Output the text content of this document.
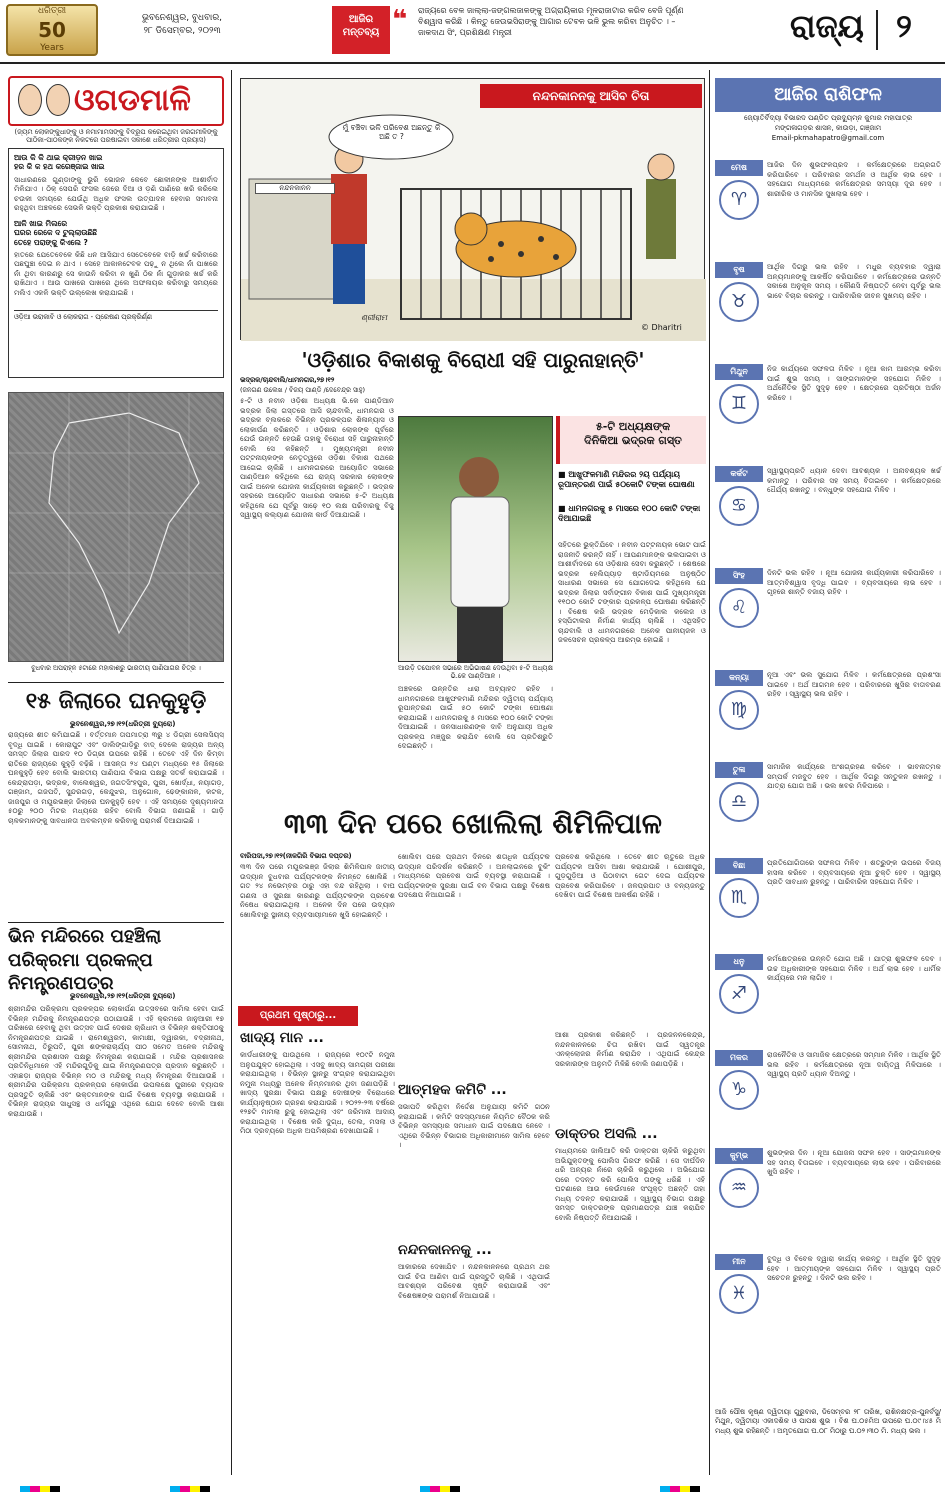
ଧରିତ୍ରୀ
50
Years
ଭୁବନେଶ୍ୱର, ବୁଧବାର,
୨୮ ଡିସେମ୍ବର, ୨୦୨୩
ଆଜିର
ମନ୍ତବ୍ୟ ❝ ରାଜ୍ୟରେ ବେଳ ଜାଲ୍ଲା-ଜଙ୍ଗଲଜାଳଙ୍କୁ ଅଗ୍ରାୟିକାର ମୂଳରାଜାଟାର କରିବ ବେଜି ପୂର୍ଣ୍ଣ ବିଶ୍ୱାସ କରିଛି । କିନ୍ତୁ ଜେଉଭସିରାଙ୍କୁ ଆଗାର ଟେବଳ ଭଳି ଭୁଲ କରିବା ଅନୁଚିତ । –ଜାକଦାଥ ସିଂ, ପ୍ରଶିକ୍ଷଣ ମନ୍ତ୍ରୀ	ରାଜ୍ୟ ୨
ଓଗଡମାଳି
(ଜ୍ୟମ ଲୋକଙ୍କୁଧାଙ୍କୁ ଓ ନମାମାମସଙ୍କୁ ବିଦ୍ରୂପ କରେଇଥିବା ଜରଗମୀଳିଙ୍କୁ ପାଠିକା-ପାଠକଙ୍କ ନିକଟରେ ପରଷାଇବା ସକାଶେ ଧରିତ୍ରୀର ପ୍ରୟାସ)
ଆଉ କି କି ଥାଇ କ୍ରୀଡ଼ନ ଖାଇ
ହର କି କ ହଥ କରେଞ୍ଜାଇ ଖାଇ
ସାଧାରଣରେ ଗୁଣ୍ଡାଙ୍କୁ ଭୁରି ଭୋଜନ କେବେ ଛୋଳୀନଙ୍କ ଆଶୀର୍ବାଦ ମିଳିଯାଏ । ଠିକ୍ ସେପରି ଫସଲ ଜେରେ ଦିଆ ଓ ଡ଼ଣି ପାଣିରେ ଖରି କରିଲେ ଚଉକୀ ସମୟରେ ଯେଉଁଥି ଅଧିକ ଫସଲ ଉତ୍ପାଦନ ହେବାର ସମାବନା ରହୁଥିବା ଅଞ୍ଚଳରେ ସେଭଳି ଭକ୍ତି ପ୍ରକାଶ କରାଯାଇଛି ।
ଆଳି ଖାଇ ମିଲରେ
ଘରର ରେକେ ଦ ଟୁଲ୍ଲାଉଛିଛି
ତେହେ ପରାଙ୍କୁ କିଏଲେ ?
ହାତରେ ଯେତେବେଳେ କିଛି ଧନ ଆସିଯାଏ ସେତେବେଳେ ବାଡ଼ି ଖର୍ଚ୍ଚ କରିବାରେ ପଛଘୁଞ୍ଚା ଦେଇ ନ ଥାଏ । ସେହେ ଆକାଳଟେବଳ ପଢ଼ୁ ନ ଥିଲେ ନାଁ ପାଖରେ ନାଁ ଥିବା କାରଣରୁ ସେ କାଉନି କରିବା ନ ଖୁଣି ଠିକ ନାଁ ଗୁଡ଼ାକର ଖର୍ଚ୍ଚ କରି ରାଖିଥାଏ । ଆଉ ପାଖରେ ପାଖରେ ଥିଲେ ଅଫଳାୟର କରିବାରୁ ସମୟରେ ମଲିଏ ଏକଳି ଭକ୍ତି ଉଲ୍ଲେଖ କରାଯାଇଛି ।
ଓଡ଼ିଆ ଭରାକାବି ଓ ଲୋକରାଗ - ପ୍ରେଷଣ ପ୍ରକ୍ରିର୍ଣ୍ଣ
ବୁଧବାର ଅପରାହ୍ନ ୫ଟାରେ ମହାକାଶରୁ ଭାରତୀୟ ପାଣିପାଗର ଚିତ୍ର ।
୧୫ ଜିଲାରେ ଘନକୁହୁଡ଼ି
ଭୁବନେଶ୍ୱର,୨୭।୧୨(ଧରିତ୍ରୀ ବ୍ୟୁରୋ)
ରାଜ୍ୟରେ ଶୀତ କମିଯାଇଛି । ବର୍ତ୍ତମାନ ତାପମାତ୍ରା ୩ରୁ ୪ ଡିଗ୍ରୀ ସେଲସିୟସ୍ ବୃଦ୍ଧି ପାଇଛି । କୋରାପୁଟ ଏବଂ ଡାଲିଙ୍ଗାଡ଼ିରୁ ବାଦ୍ ଦେଲେ ରାଜ୍ୟର ଅନ୍ୟ ସମସ୍ତ ଜିଲାର ପାରଦ ୧୦ ଡିଗ୍ରୀ ଉପରେ ରହିଛି । ତେବେ ଏହି ଦିନ କିମ୍ବା ରାତିରେ ରାଜ୍ୟରେ କୁହୁଡ଼ି ବଢ଼ିଛି । ଆସନ୍ତା ୨୪ ଘଣ୍ଟା ମଧ୍ୟରେ ୧୫ ଜିଲାରେ ଘନକୁହୁଡ଼ି ହେବ ବୋଲି ଭାରତୀୟ ପାଣିପାଗ ବିଭାଗ ପକ୍ଷରୁ ସତର୍କ କରାଯାଇଛି । କେନ୍ଦ୍ରାପଡ଼ା, ଭଦ୍ରକ, ବାଲେଶ୍ୱର, ଜଗତସିଂହପୁର, ପୁରୀ, ଖୋର୍ଦ୍ଧା, ନୟାଗଡ଼, ଗଞ୍ଜାମ, ଗଜପତି, ସୁନ୍ଦରଗଡ଼, କେନ୍ଦୁଝର, ଅନୁଗୋଳ, ଢେଙ୍କାନାଳ, କଟକ, ଜାଜପୁର ଓ ମୟୂରଭଞ୍ଜ ଜିଲାରେ ଘନକୁହୁଡ଼ି ହେବ । ଏହି ସମୟରେ ଦୃଶ୍ୟମାନତା ୫୦ରୁ ୨୦୦ ମିଟର ମଧ୍ୟରେ ରହିବ ବୋଲି ବିଭାଗ ଜଣାଇଛି । ଗାଡ଼ି ଚାଳକମାନଙ୍କୁ ସାବଧାନତା ଅବଲମ୍ବନ କରିବାକୁ ପରାମର୍ଶ ଦିଆଯାଇଛି ।
ଭିନ ମନ୍ଦିରରେ ପହଞ୍ଚିଲା
ପରିକ୍ରମା ପ୍ରକଳ୍ପ ନିମନ୍ତ୍ରଣପତ୍ର
ଭୁବନେଶ୍ୱର,୨୭।୧୨(ଧରିତ୍ରୀ ବ୍ୟୁରୋ)
ଶ୍ରୀମନ୍ଦିର ପରିକ୍ରମା ପ୍ରକଳ୍ପର ଲୋକାର୍ପଣ ଉତ୍ସବରେ ସାମିଲ ହେବା ପାଇଁ ବିଭିନ୍ନ ମନ୍ଦିରକୁ ନିମନ୍ତ୍ରଣପତ୍ର ପଠାଯାଉଛି । ଏହି କ୍ରମରେ ଜାନୁଆରୀ ୧୭ ତାରିଖରେ ହେବାକୁ ଥିବା ଉତ୍ସବ ପାଇଁ ଦେଶର ଚାରିଧାମ ଓ ବିଭିନ୍ନ ଶକ୍ତିପୀଠକୁ ନିମନ୍ତ୍ରଣପତ୍ର ଯାଇଛି । ରାମେଶ୍ୱରମ, କାମାକ୍ଷୀ, ଦ୍ୱାରକା, ବଦ୍ରୀନାଥ, ସୋମନାଥ, ତିରୁପତି, ପୁରୀ ଶଙ୍କରାଚାର୍ଯ୍ୟ ପୀଠ ସମେତ ଅନେକ ମନ୍ଦିରକୁ ଶ୍ରୀମନ୍ଦିର ପ୍ରଶାସନ ପକ୍ଷରୁ ନିମନ୍ତ୍ରଣ କରାଯାଇଛି । ମନ୍ଦିର ପ୍ରଶାସନର ପ୍ରତିନିଧିମାନେ ଏହି ମନ୍ଦିରଗୁଡ଼ିକୁ ଯାଇ ନିମନ୍ତ୍ରଣପତ୍ର ପ୍ରଦାନ କରୁଛନ୍ତି । ଏହାଛଡ଼ା ରାଜ୍ୟର ବିଭିନ୍ନ ମଠ ଓ ମନ୍ଦିରକୁ ମଧ୍ୟ ନିମନ୍ତ୍ରଣ ଦିଆଯାଉଛି । ଶ୍ରୀମନ୍ଦିର ପରିକ୍ରମା ପ୍ରକଳ୍ପର ଲୋକାର୍ପଣ ଉପଲକ୍ଷେ ପୁରୀରେ ବ୍ୟାପକ ପ୍ରସ୍ତୁତି ଚାଲିଛି ଏବଂ ଭକ୍ତମାନଙ୍କ ପାଇଁ ବିଶେଷ ବ୍ୟବସ୍ଥା କରାଯାଉଛି । ବିଭିନ୍ନ ରାଜ୍ୟର ସାଧୁସନ୍ଥ ଓ ଧର୍ମଗୁରୁ ଏଥିରେ ଯୋଗ ଦେବେ ବୋଲି ଆଶା କରାଯାଉଛି ।
ମୁଁ ବଞ୍ଚିବା ଭଳି ପରିବେଶ ଅଛନ୍ତୁ କି ଅଛି ତ ?
ନନ୍ଦନକାନନ
ଶ୍ରୀରାମ
© Dharitri
ନନ୍ଦନକାନନକୁ ଆସିବ ଚିତା
'ଓଡ଼ିଶାର ବିକାଶକୁ ବିରୋଧୀ ସହି ପାରୁନାହାନ୍ତି'
ଭଦ୍ରକ/ଚାନ୍ଦବାଲି/ଧାମନଗର,୨୭।୧୨
(ଜନଗଣ ଉଲେଖ / ବିଜୟ ପାଣ୍ଡି /ଦେବେନ୍ଦ୍ର ସାହୁ)
୫-ଟି ଓ ନବୀନ ଓଡ଼ିଶା ଅଧ୍ୟକ୍ଷ ଭି.କେ ପାଣ୍ଡିଆନ ଭଦ୍ରକ ଜିଲା ଗସ୍ତରେ ଆସି ଚାନ୍ଦବାଲି, ଧାମନଗର ଓ ଭଦ୍ରକ ବ୍ଲକରେ ବିଭିନ୍ନ ପ୍ରକଳ୍ପର ଶିଳାନ୍ୟାସ ଓ ଲୋକାର୍ପଣ କରିଛନ୍ତି । ଓଡ଼ିଶାର ଲୋକଙ୍କ ପୂର୍ବରେ ଯେଉଁ ଉନ୍ନତି ହେଉଛି ତାହାକୁ ବିରୋଧୀ ସହି ପାରୁନାହାନ୍ତି ବୋଲି ସେ କହିଛନ୍ତି । ମୁଖ୍ୟମନ୍ତ୍ରୀ ନବୀନ ପଟ୍ଟନାୟକଙ୍କ ନେତୃତ୍ୱରେ ଓଡ଼ିଶା ବିକାଶ ପଥରେ ଆଗେଇ ଚାଲିଛି । ଧାମନଗରରେ ଆୟୋଜିତ ସଭାରେ ପାଣ୍ଡିଆନ କହିଥିଲେ ଯେ ରାଜ୍ୟ ସରକାର ଲୋକଙ୍କ ପାଇଁ ଅନେକ ଯୋଜନା କାର୍ଯ୍ୟକାରୀ କରୁଛନ୍ତି । ଭଦ୍ରକ ସହରରେ ଆୟୋଜିତ ସାଧାରଣ ସଭାରେ ୫-ଟି ଅଧ୍ୟକ୍ଷ କହିଥିଲେ ଯେ ପୂର୍ବରୁ ସାଢ଼େ ୧୦ ଲକ୍ଷ ପରିବାରକୁ ବିଜୁ ସ୍ୱାସ୍ଥ୍ୟ କଲ୍ୟାଣ ଯୋଜନା କାର୍ଡ ଦିଆଯାଇଛି ।
ଆଉଡ଼ି ତପୋବନ ସଭାରେ ଅଭିଭାଷଣ ଦେଉଥିବା ୫-ଟି ଅଧ୍ୟକ୍ଷ ଭି.କେ ପାଣ୍ଡିଆନ ।
୫-ଟି ଅଧ୍ୟକ୍ଷଙ୍କ
ଦିନିକିଆ ଭଦ୍ରକ ଗସ୍ତ
■ ଆଖୁଫଳମାଣି ମନ୍ଦିରର ୨ୟ ପର୍ଯ୍ୟାୟ ରୂପାନ୍ତରଣ ପାଇଁ ୫୦କୋଟି ଟଙ୍କା ଘୋଷଣା
■ ଧାମନଗରକୁ ୫ ମାସରେ ୧୦୦ କୋଟି ଟଙ୍କା ଦିଆଯାଇଛି
ସହିତରେ ଭୁକ୍ତିଯିବେ । ନବୀନ ପଟ୍ଟନାୟକ ଭୋଟ ପାଇଁ ରାଜନୀତି କରନ୍ତି ନାହିଁ । ଆପଣମାନଙ୍କ ଭଲପାଇବା ଓ ଆଶୀର୍ବାଦରେ ସେ ଓଡ଼ିଶାର ସେବା କରୁଛନ୍ତି । ଶେଷରେ ଭଦ୍ରକ ହେଲିପ୍ୟାଡ଼ ଷ୍ଟାଡିୟମରେ ଅନୁଷ୍ଠିତ ସାଧାରଣ ସଭାରେ ସେ ଯୋଗଦେଇ କହିଥିଲେ ଯେ ଭଦ୍ରକ ଜିଲାର ସର୍ବାଙ୍ଗୀନ ବିକାଶ ପାଇଁ ମୁଖ୍ୟମନ୍ତ୍ରୀ ୧୧୦୦ କୋଟି ଟଙ୍କାର ପ୍ରକଳ୍ପ ଘୋଷଣା କରିଛନ୍ତି । ବିଶେଷ କରି ଭଦ୍ରକ ମେଡ଼ିକାଲ କଲେଜ ଓ ହସ୍ପିଟାଲର ନିର୍ମାଣ କାର୍ଯ୍ୟ ଚାଲିଛି । ଏଥିସହିତ ଚାନ୍ଦବାଲି ଓ ଧାମନଗରରେ ଅନେକ ପାନୀୟଜଳ ଓ ଜଳସେଚନ ପ୍ରକଳ୍ପ ଆରମ୍ଭ ହୋଇଛି ।
ଅଞ୍ଚଳରେ ଉନ୍ନତିର ଧାରା ଅବ୍ୟାହତ ରହିବ । ଧାମନଗରରେ ଆଖୁଫଳମାଣି ମନ୍ଦିରର ଦ୍ୱିତୀୟ ପର୍ଯ୍ୟାୟ ରୂପାନ୍ତରଣ ପାଇଁ ୫୦ କୋଟି ଟଙ୍କା ଘୋଷଣା କରାଯାଇଛି । ଧାମନଗରକୁ ୫ ମାସରେ ୧୦୦ କୋଟି ଟଙ୍କା ଦିଆଯାଇଛି । ଜନସାଧାରଣଙ୍କ ଦାବି ଅନୁଯାୟୀ ଅଧିକ ପ୍ରକଳ୍ପ ମଞ୍ଜୁର କରାଯିବ ବୋଲି ସେ ପ୍ରତିଶ୍ରୁତି ଦେଇଛନ୍ତି ।
୩୩ ଦିନ ପରେ ଖୋଲିଲା ଶିମିଳିପାଳ
ବାରିପଦା,୨୭।୧୨(ନୀଳଗିରି ବିଭାଗ ଦପ୍ତର)
୩୩ ଦିନ ପରେ ମୟୂରଭଞ୍ଜ ଜିଲାର ଶିମିଳିପାଳ ଜାତୀୟ ଉଦ୍ୟାନ ବୁଧବାର ପର୍ଯ୍ୟଟକଙ୍କ ନିମନ୍ତେ ଖୋଲିଛି । ଗତ ୨୪ ନଭେମ୍ବର ଠାରୁ ଏହା ବନ୍ଦ ରହିଥିଲା । ବାଘ ଗଣନା ଓ ସୁରକ୍ଷା କାରଣରୁ ପର୍ଯ୍ୟଟକଙ୍କ ପ୍ରବେଶ ନିଷେଧ କରାଯାଇଥିଲା । ଅନେକ ଦିନ ପରେ ଉଦ୍ୟାନ ଖୋଲିବାରୁ ସ୍ଥାନୀୟ ବ୍ୟବସାୟୀମାନେ ଖୁସି ହୋଇଛନ୍ତି ।
ଖୋଲିବା ପରେ ପ୍ରଥମ ଦିନରେ ଶତାଧିକ ପର୍ଯ୍ୟଟକ ଉଦ୍ୟାନ ପରିଦର୍ଶନ କରିଛନ୍ତି । ଅନଲାଇନରେ ବୁକିଂ ମାଧ୍ୟମରେ ପ୍ରବେଶ ପାଇଁ ବ୍ୟବସ୍ଥା କରାଯାଇଛି । ପର୍ଯ୍ୟଟକଙ୍କ ସୁରକ୍ଷା ପାଇଁ ବନ ବିଭାଗ ପକ୍ଷରୁ ବିଶେଷ ପଦକ୍ଷେପ ନିଆଯାଇଛି ।
ପ୍ରବେଶ କରିଥିଲେ । ତେବେ ଶୀତ ଋତୁରେ ଅଧିକ ପର୍ଯ୍ୟଟକ ଆସିବା ଆଶା କରାଯାଉଛି । ଯୋଶୀପୁର, ଗୁଡ଼ଗୁଡ଼ିଆ ଓ ପିଠାବାଟା ଗେଟ ଦେଇ ପର୍ଯ୍ୟଟକ ପ୍ରବେଶ କରିପାରିବେ । ଜଳପ୍ରପାତ ଓ ବନ୍ୟଜନ୍ତୁ ଦେଖିବା ପାଇଁ ବିଶେଷ ଆକର୍ଷଣ ରହିଛି ।
ପ୍ରଥମ ପୃଷ୍ଠାରୁ...
ଖାଦ୍ୟ ମାନ ...
କାର୍ଡଧାରୀଙ୍କୁ ପାଉଥିଲେ । ରାଜ୍ୟରେ ୧୦୯ଟି ନମୁନା ଅନୁପଯୁକ୍ତ ହୋଇଥିଲା । ଏସବୁ ଖାଦ୍ୟ ସାମଗ୍ରୀ ପରୀକ୍ଷା କରାଯାଇଥିଲା । ବିଭିନ୍ନ ସ୍ଥାନରୁ ସଂଗ୍ରହ କରାଯାଇଥିବା ନମୁନା ମଧ୍ୟରୁ ଅନେକ ନିମ୍ନମାନର ଥିବା ଜଣାପଡ଼ିଛି । ଖାଦ୍ୟ ସୁରକ୍ଷା ବିଭାଗ ପକ୍ଷରୁ ଦୋଷୀଙ୍କ ବିରୋଧରେ କାର୍ଯ୍ୟାନୁଷ୍ଠାନ ଗ୍ରହଣ କରାଯାଉଛି । ୨୦୨୨-୨୩ ବର୍ଷରେ ୧୨୭ଟି ମାମଲା ରୁଜୁ ହୋଇଥିଲା ଏବଂ ଜରିମାନା ଆଦାୟ କରାଯାଇଥିଲା । ବିଶେଷ କରି ଦୁଗ୍ଧ, ତେଲ, ମସଲା ଓ ମିଠା ଦ୍ରବ୍ୟରେ ଅଧିକ ଅପମିଶ୍ରଣ ଦେଖାଯାଇଛି ।
ଆତ୍ମହକ କମିଟି ...
ସଭାପତି କରିଥିବା ନିର୍ଦ୍ଦେଶ ଅନୁଯାୟୀ କମିଟି ଗଠନ କରାଯାଇଛି । କମିଟି ସଦସ୍ୟମାନେ ନିୟମିତ ବୈଠକ କରି ବିଭିନ୍ନ ସମସ୍ୟାର ସମାଧାନ ପାଇଁ ପଦକ୍ଷେପ ନେବେ । ଏଥିରେ ବିଭିନ୍ନ ବିଭାଗର ଅଧିକାରୀମାନେ ସାମିଲ ହେବେ ।
ଆଶା ପ୍ରକାଶ କରିଛନ୍ତି । ପ୍ରଜନନକେନ୍ଦ୍ର, ନନ୍ଦନକାନନରେ ଚିତା ରଖିବା ପାଇଁ ସ୍ୱତନ୍ତ୍ର ଏନକ୍ଲୋଜର ନିର୍ମାଣ କରାଯିବ । ଏଥିପାଇଁ କେନ୍ଦ୍ର ସରକାରଙ୍କ ଅନୁମତି ମିଳିଛି ବୋଲି ଜଣାପଡ଼ିଛି ।
ଡାକ୍ତର ଅସଲି ...
ମାଧ୍ୟମରେ ଜାଲିଆତି କରି ଡାକ୍ତରୀ ଚାକିରି କରୁଥିବା ଅଭିଯୁକ୍ତଙ୍କୁ ପୋଲିସ ଗିରଫ କରିଛି । ସେ ଦୀର୍ଘଦିନ ଧରି ଅନ୍ୟର ନାଁରେ ଚାକିରି କରୁଥିଲେ । ଅଭିଯୋଗ ପରେ ତଦନ୍ତ କରି ପୋଲିସ ତାଙ୍କୁ ଧରିଛି । ଏହି ଘଟଣାରେ ଆଉ କେଉଁମାନେ ସଂପୃକ୍ତ ଅଛନ୍ତି ତାହା ମଧ୍ୟ ତଦନ୍ତ କରାଯାଉଛି । ସ୍ୱାସ୍ଥ୍ୟ ବିଭାଗ ପକ୍ଷରୁ ସମସ୍ତ ଡାକ୍ତରଙ୍କ ପ୍ରମାଣପତ୍ର ଯାଞ୍ଚ କରାଯିବ ବୋଲି ନିଷ୍ପତ୍ତି ନିଆଯାଇଛି ।
ନନ୍ଦନକାନନକୁ ...
ଆକାରରେ ଦେଖାଯିବ । ନନ୍ଦନକାନନରେ ପ୍ରଥମ ଥର ପାଇଁ ଚିତା ଆଣିବା ପାଇଁ ପ୍ରସ୍ତୁତି ଚାଲିଛି । ଏଥିପାଇଁ ଆବଶ୍ୟକ ପରିବେଶ ସୃଷ୍ଟି କରାଯାଉଛି ଏବଂ ବିଶେଷଜ୍ଞଙ୍କ ପରାମର୍ଶ ନିଆଯାଉଛି ।
ଆଜିର ରାଶିଫଳ
ଜ୍ୟୋତିର୍ବିଦ୍ୟା ବିଭାରଦ ପଣ୍ଡିତ ପ୍ରଦ୍ୟୁମ୍ନ କୁମାର ମହାପାତ୍ର
ମଙ୍ଗଳାଗଡ଼ର ଶାସନ, କାଉଡ଼ା, ଗଞ୍ଜାମ
Email-pkmahapatro@gmail.com
ମେଷ
♈
ଆଜିର ଦିନ ଶୁଭଫଳପ୍ରଦ । କର୍ମକ୍ଷେତ୍ରରେ ଅଗ୍ରଗତି କରିପାରିବେ । ପରିବାରର ସମର୍ଥନ ଓ ଆର୍ଥିକ ଲାଭ ହେବ । ସହଯୋଗ ମାଧ୍ୟମରେ କର୍ମକ୍ଷେତ୍ରର ସମସ୍ୟା ଦୂର ହେବ । ଶାରୀରିକ ଓ ମାନସିକ ସୁଖଲାଭ ହେବ ।
ବୃଷ
♉
ଆର୍ଥିକ ଦିଗରୁ ଭଲ ରହିବ । ମଧୁର ବ୍ୟବହାର ଦ୍ୱାରା ଅନ୍ୟମାନଙ୍କୁ ଆକର୍ଷିତ କରିପାରିବେ । କର୍ମକ୍ଷେତ୍ରରେ ଉନ୍ନତି ସକାଶେ ଅନୁକୂଳ ସମୟ । କୌଣସି ନିଷ୍ପତ୍ତି ନେବା ପୂର୍ବରୁ ଭଲ ଭାବେ ବିଚାର କରନ୍ତୁ । ପାରିବାରିକ ଜୀବନ ସୁଖମୟ ରହିବ ।
ମିଥୁନ
♊
ନିଜ କାର୍ଯ୍ୟରେ ସଫଳତା ମିଳିବ । ନୂଆ କାମ ଆରମ୍ଭ କରିବା ପାଇଁ ଶୁଭ ସମୟ । ସାଙ୍ଗମାନଙ୍କ ସହଯୋଗ ମିଳିବ । ଅର୍ଥନୈତିକ ସ୍ଥିତି ସୁଦୃଢ଼ ହେବ । କ୍ଷେତ୍ରରେ ପ୍ରତିଷ୍ଠା ଅର୍ଜନ କରିବେ ।
କର୍କଟ
♋
ସ୍ୱାସ୍ଥ୍ୟପ୍ରତି ଧ୍ୟାନ ଦେବା ଆବଶ୍ୟକ । ଅନାବଶ୍ୟକ ଖର୍ଚ୍ଚ କମାନ୍ତୁ । ପରିବାର ସହ ସମୟ ବିତାଇବେ । କର୍ମକ୍ଷେତ୍ରରେ ଧୈର୍ଯ୍ୟ ରଖନ୍ତୁ । ବନ୍ଧୁଙ୍କ ସହଯୋଗ ମିଳିବ ।
ସିଂହ
♌
ଦିନଟି ଭଲ ରହିବ । ନୂଆ ଯୋଜନା କାର୍ଯ୍ୟକାରୀ କରିପାରିବେ । ଆତ୍ମବିଶ୍ୱାସ ବୃଦ୍ଧି ପାଇବ । ବ୍ୟବସାୟରେ ଲାଭ ହେବ । ଗୃହରେ ଶାନ୍ତି ବଜାୟ ରହିବ ।
କନ୍ୟା
♍
ନୂଆ ଏବଂ ଭଲ ସୁଯୋଗ ମିଳିବ । କର୍ମକ୍ଷେତ୍ରରେ ପ୍ରଶଂସା ପାଇବେ । ଅର୍ଥ ଆଗମନ ହେବ । ପରିବାରରେ ଖୁସିର ବାତାବରଣ ରହିବ । ସ୍ୱାସ୍ଥ୍ୟ ଭଲ ରହିବ ।
ତୁଳା
♎
ସାମାଜିକ କାର୍ଯ୍ୟରେ ଅଂଶଗ୍ରହଣ କରିବେ । ଭାବନାତ୍ମକ ସମ୍ପର୍କ ମଜବୁତ ହେବ । ଆର୍ଥିକ ଦିଗରୁ ସନ୍ତୁଳନ ରଖନ୍ତୁ । ଯାତ୍ରା ଯୋଗ ଅଛି । ଭଲ ଖବର ମିଳିପାରେ ।
ବିଛା
♏
ପ୍ରତିଯୋଗିତାରେ ସଫଳତା ମିଳିବ । ଶତ୍ରୁଙ୍କ ଉପରେ ବିଜୟ ହାସଲ କରିବେ । ବ୍ୟବସାୟରେ ନୂଆ ଚୁକ୍ତି ହେବ । ସ୍ୱାସ୍ଥ୍ୟ ପ୍ରତି ସାବଧାନ ରୁହନ୍ତୁ । ପାରିବାରିକ ସହଯୋଗ ମିଳିବ ।
ଧନୁ
♐
କର୍ମକ୍ଷେତ୍ରରେ ଉନ୍ନତି ଯୋଗ ଅଛି । ଯାତ୍ରା ଶୁଭଫଳ ଦେବ । ଉଚ୍ଚ ଅଧିକାରୀଙ୍କ ସହଯୋଗ ମିଳିବ । ଅର୍ଥ ଲାଭ ହେବ । ଧାର୍ମିକ କାର୍ଯ୍ୟରେ ମନ ଲାଗିବ ।
ମକର
♑
ରାଜନୈତିକ ଓ ସାମାଜିକ କ୍ଷେତ୍ରରେ ସମ୍ମାନ ମିଳିବ । ଆର୍ଥିକ ସ୍ଥିତି ଭଲ ରହିବ । କର୍ମକ୍ଷେତ୍ରରେ ନୂଆ ଦାୟିତ୍ୱ ମିଳିପାରେ । ସ୍ୱାସ୍ଥ୍ୟ ପ୍ରତି ଧ୍ୟାନ ଦିଅନ୍ତୁ ।
କୁମ୍ଭ
♒
ଶୁଭଙ୍କର ଦିନ । ନୂଆ ଯୋଜନା ସଫଳ ହେବ । ସାଙ୍ଗମାନଙ୍କ ସହ ସମୟ ବିତାଇବେ । ବ୍ୟବସାୟରେ ଲାଭ ହେବ । ପରିବାରରେ ଖୁସି ରହିବ ।
ମୀନ
♓
ବୁଦ୍ଧି ଓ ବିବେକ ଦ୍ୱାରା କାର୍ଯ୍ୟ କରନ୍ତୁ । ଆର୍ଥିକ ସ୍ଥିତି ସୁଦୃଢ଼ ହେବ । ଆତ୍ମୀୟଙ୍କ ସହଯୋଗ ମିଳିବ । ସ୍ୱାସ୍ଥ୍ୟ ପ୍ରତି ସଚେତନ ରୁହନ୍ତୁ । ଦିନଟି ଭଲ ରହିବ ।
ଆଜି ପୌଷ କୃଷ୍ଣ ଦ୍ୱିତୀୟା ଗୁରୁବାର, ଡିସେମ୍ବର ୨୮ ତାରିଖ, ରାଶିନକ୍ଷତ୍ର-ପୁନର୍ବସୁ/ମିଥୁନ, ଦ୍ୱିତୀୟା ଏକାଦଶିକ ଓ ପାପଶ ଶୁଭ । ବିଶ ଘ.୦୫ମିଅ ଉପରେ ଘ.୦୯।୪୫ ମି ମଧ୍ୟ ଶୁଭ ରହିଛନ୍ତି । ଅମୃତଯୋଗ ଘ.୦୮ ମିଠାରୁ ଘ.୦୨।୩୦ ମି. ମଧ୍ୟ ଭଲ ।
